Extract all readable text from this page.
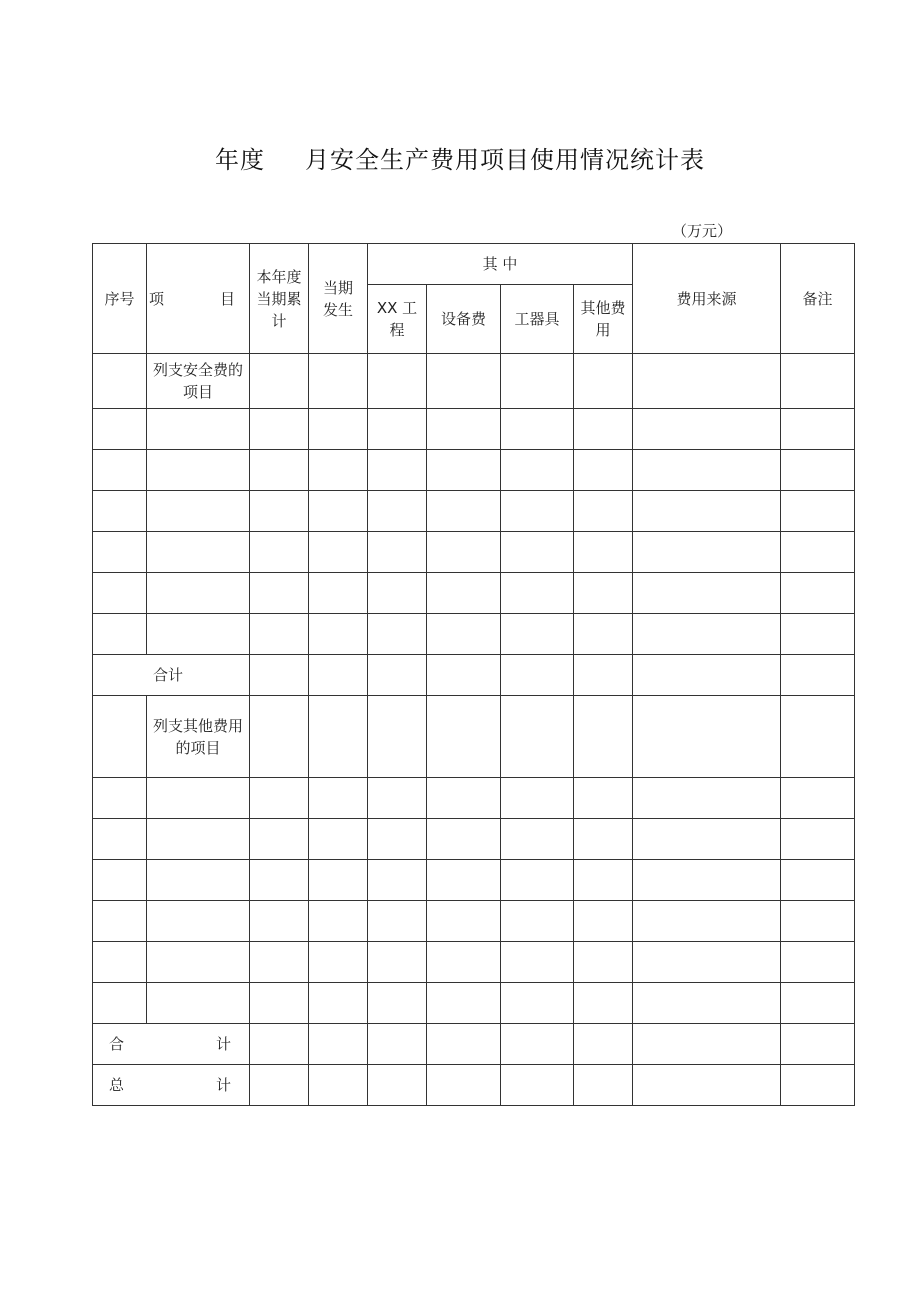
年度 月安全生产费用项目使用情况统计表
（万元）
序号	项 目	本年度当期累计	当期发生	其 中				费用来源	备注
				XX 工程	设备费	工器具	其他费用		
	列支安全费的项目								

合计									
	列支其他费用的项目								

合 计									

总 计									
